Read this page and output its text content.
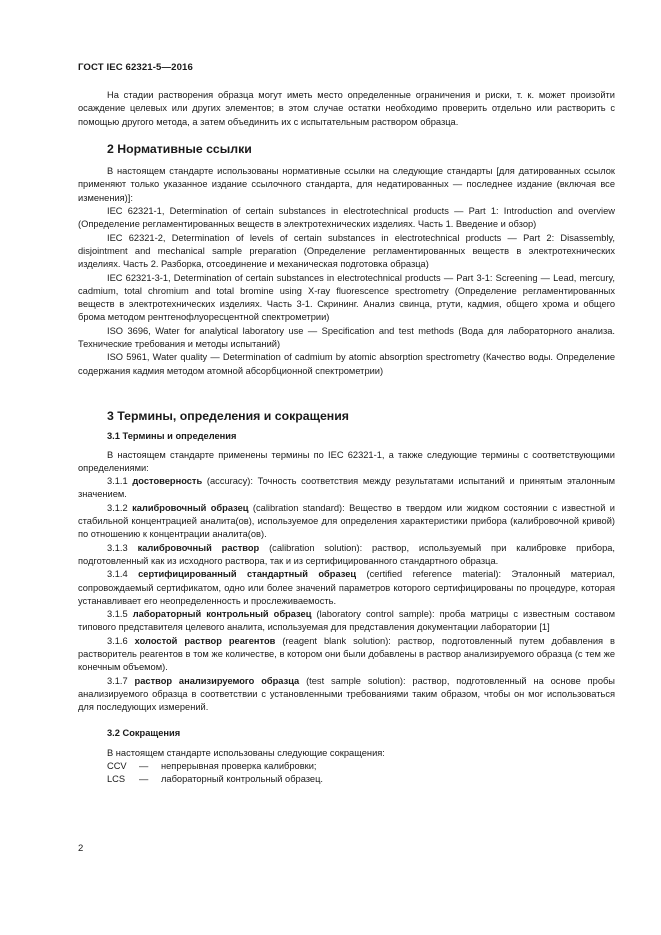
ГОСТ IEC 62321-5—2016

На стадии растворения образца могут иметь место определенные ограничения и риски, т. к. может произойти осаждение целевых или других элементов; в этом случае остатки необходимо проверить отдельно или растворить с помощью другого метода, а затем объединить их с испытательным раствором образца.

2 Нормативные ссылки

В настоящем стандарте использованы нормативные ссылки на следующие стандарты [для датированных ссылок применяют только указанное издание ссылочного стандарта, для недатированных — последнее издание (включая все изменения)]:

IEC 62321-1, Determination of certain substances in electrotechnical products — Part 1: Introduction and overview (Определение регламентированных веществ в электротехнических изделиях. Часть 1. Введение и обзор)

IEC 62321-2, Determination of levels of certain substances in electrotechnical products — Part 2: Disassembly, disjointment and mechanical sample preparation (Определение регламентированных веществ в электротехнических изделиях. Часть 2. Разборка, отсоединение и механическая подготовка образца)

IEC 62321-3-1, Determination of certain substances in electrotechnical products — Part 3-1: Screening — Lead, mercury, cadmium, total chromium and total bromine using X-ray fluorescence spectrometry (Определение регламентированных веществ в электротехнических изделиях. Часть 3-1. Скрининг. Анализ свинца, ртути, кадмия, общего хрома и общего брома методом рентгенофлуоресцентной спектрометрии)

ISO 3696, Water for analytical laboratory use — Specification and test methods (Вода для лабораторного анализа. Технические требования и методы испытаний)

ISO 5961, Water quality — Determination of cadmium by atomic absorption spectrometry (Качество воды. Определение содержания кадмия методом атомной абсорбционной спектрометрии)

3 Термины, определения и сокращения
3.1 Термины и определения

В настоящем стандарте применены термины по IEC 62321-1, а также следующие термины с соответствующими определениями:

3.1.1 достоверность (accuracy): Точность соответствия между результатами испытаний и принятым эталонным значением.

3.1.2 калибровочный образец (calibration standard): Вещество в твердом или жидком состоянии с известной и стабильной концентрацией аналита(ов), используемое для определения характеристики прибора (калибровочной кривой) по отношению к концентрации аналита(ов).

3.1.3 калибровочный раствор (calibration solution): раствор, используемый при калибровке прибора, подготовленный как из исходного раствора, так и из сертифицированного стандартного образца.

3.1.4 сертифицированный стандартный образец (certified reference material): Эталонный материал, сопровождаемый сертификатом, одно или более значений параметров которого сертифицированы по процедуре, которая устанавливает его неопределенность и прослеживаемость.

3.1.5 лабораторный контрольный образец (laboratory control sample): проба матрицы с известным составом типового представителя целевого аналита, используемая для представления документации лаборатории [1]

3.1.6 холостой раствор реагентов (reagent blank solution): раствор, подготовленный путем добавления в растворитель реагентов в том же количестве, в котором они были добавлены в раствор анализируемого образца (с тем же конечным объемом).

3.1.7 раствор анализируемого образца (test sample solution): раствор, подготовленный на основе пробы анализируемого образца в соответствии с установленными требованиями таким образом, чтобы он мог использоваться для последующих измерений.

3.2 Сокращения

В настоящем стандарте использованы следующие сокращения:

CCV	—	непрерывная проверка калибровки;
LCS	—	лабораторный контрольный образец.
2
